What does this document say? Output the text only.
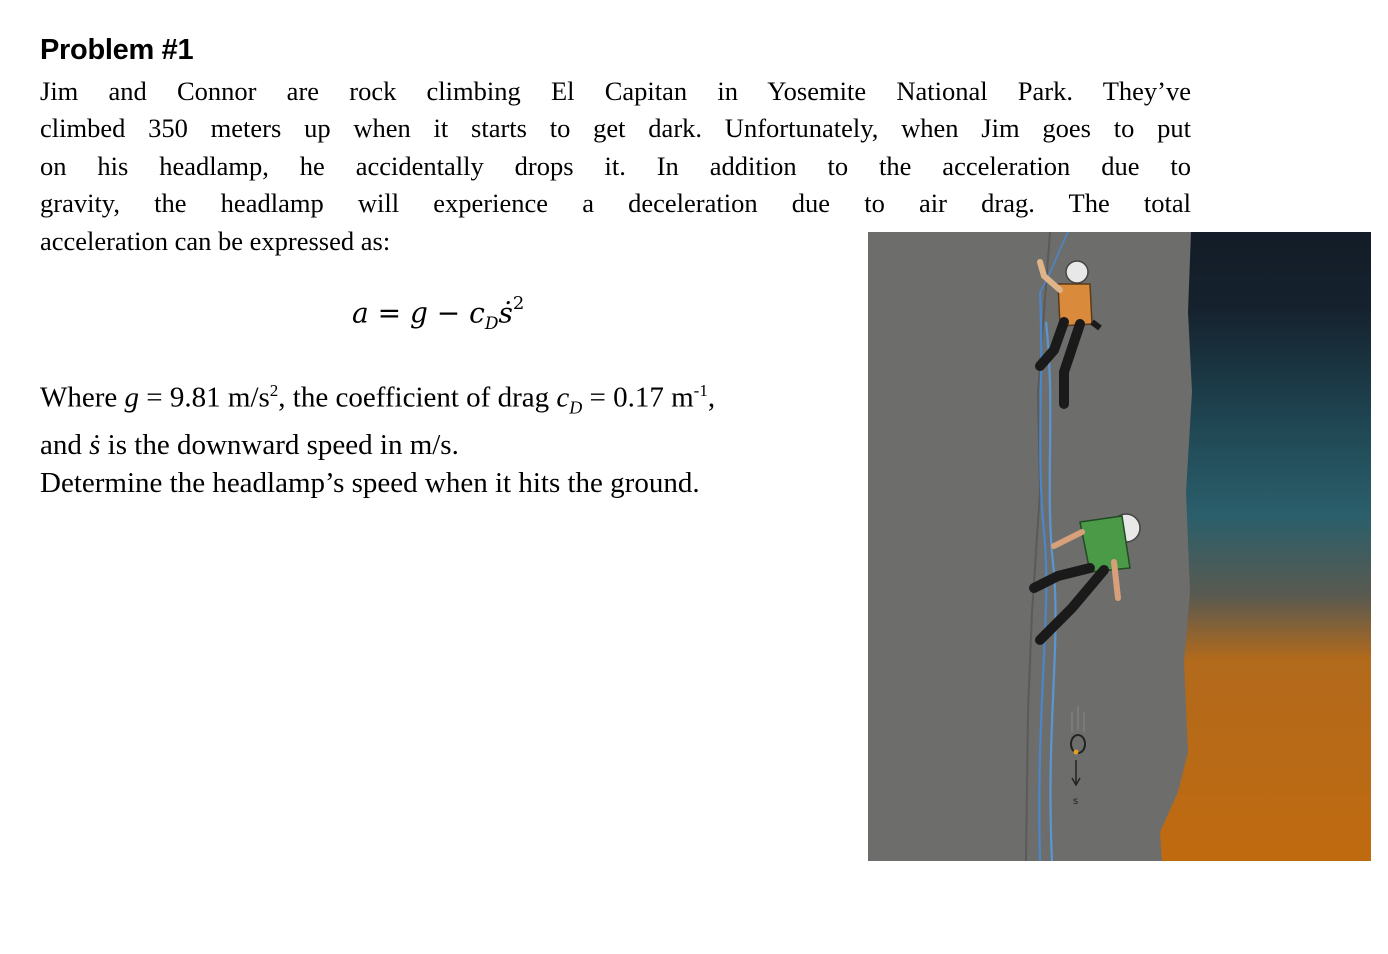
Problem #1

Jim and Connor are rock climbing El Capitan in Yosemite National Park. They’ve

climbed 350 meters up when it starts to get dark. Unfortunately, when Jim goes to put

on his headlamp, he accidentally drops it. In addition to the acceleration due to

gravity, the headlamp will experience a deceleration due to air drag. The total

acceleration can be expressed as:

$a = g - c_Dṡ^2$
Where g = 9.81 $m/s^2$, the coefficient of drag $c_D = 0.17$ $m^{-1}$,
and ṡ is the downward speed in m/s.
Determine the headlamp’s speed when it hits the ground.
s
